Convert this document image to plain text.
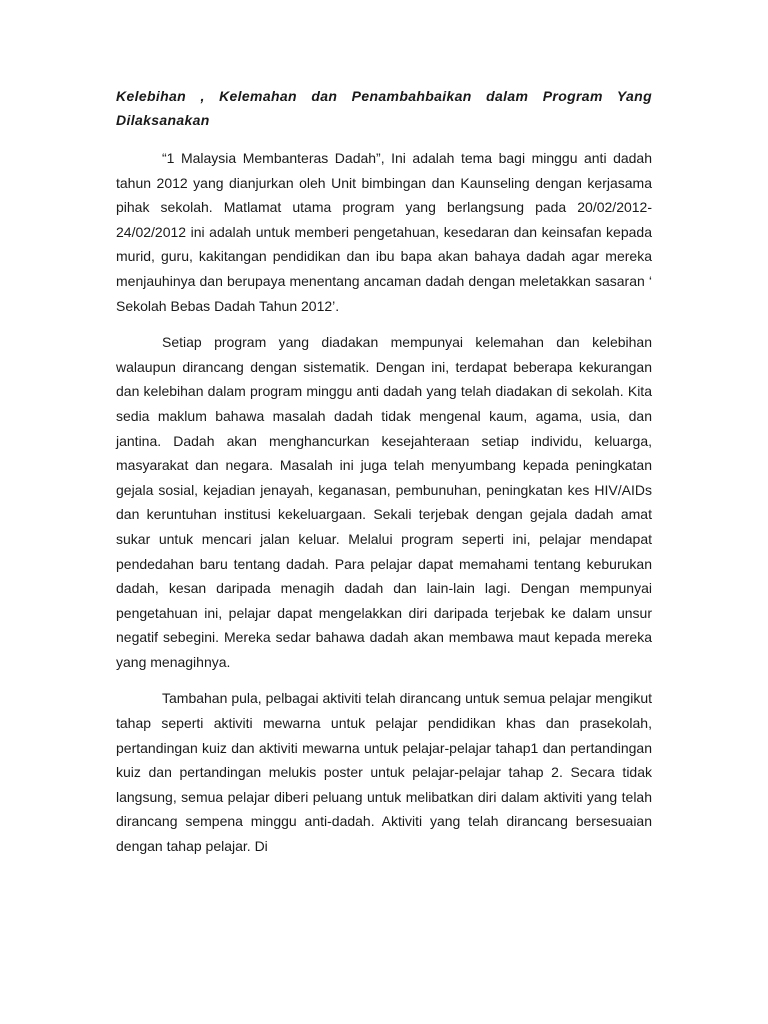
Kelebihan , Kelemahan dan Penambahbaikan dalam Program Yang Dilaksanakan

“1 Malaysia Membanteras Dadah”, Ini adalah tema bagi minggu anti dadah tahun 2012 yang dianjurkan oleh Unit bimbingan dan Kaunseling dengan kerjasama pihak sekolah. Matlamat utama program yang berlangsung pada 20/02/2012- 24/02/2012 ini adalah untuk memberi pengetahuan, kesedaran dan keinsafan kepada murid, guru, kakitangan pendidikan dan ibu bapa akan bahaya dadah agar mereka menjauhinya dan berupaya menentang ancaman dadah dengan meletakkan sasaran ‘ Sekolah Bebas Dadah Tahun 2012’.

Setiap program yang diadakan mempunyai kelemahan dan kelebihan walaupun dirancang dengan sistematik. Dengan ini, terdapat beberapa kekurangan dan kelebihan dalam program minggu anti dadah yang telah diadakan di sekolah. Kita sedia maklum bahawa masalah dadah tidak mengenal kaum, agama, usia, dan jantina. Dadah akan menghancurkan kesejahteraan setiap individu, keluarga, masyarakat dan negara. Masalah ini juga telah menyumbang kepada peningkatan gejala sosial, kejadian jenayah, keganasan, pembunuhan, peningkatan kes HIV/AIDs dan keruntuhan institusi kekeluargaan. Sekali terjebak dengan gejala dadah amat sukar untuk mencari jalan keluar. Melalui program seperti ini, pelajar mendapat pendedahan baru tentang dadah. Para pelajar dapat memahami tentang keburukan dadah, kesan daripada menagih dadah dan lain-lain lagi. Dengan mempunyai pengetahuan ini, pelajar dapat mengelakkan diri daripada terjebak ke dalam unsur negatif sebegini. Mereka sedar bahawa dadah akan membawa maut kepada mereka yang menagihnya.

Tambahan pula, pelbagai aktiviti telah dirancang untuk semua pelajar mengikut tahap seperti aktiviti mewarna untuk pelajar pendidikan khas dan prasekolah, pertandingan kuiz dan aktiviti mewarna untuk pelajar-pelajar tahap1 dan pertandingan kuiz dan pertandingan melukis poster untuk pelajar-pelajar tahap 2. Secara tidak langsung, semua pelajar diberi peluang untuk melibatkan diri dalam aktiviti yang telah dirancang sempena minggu anti-dadah. Aktiviti yang telah dirancang bersesuaian dengan tahap pelajar. Di
